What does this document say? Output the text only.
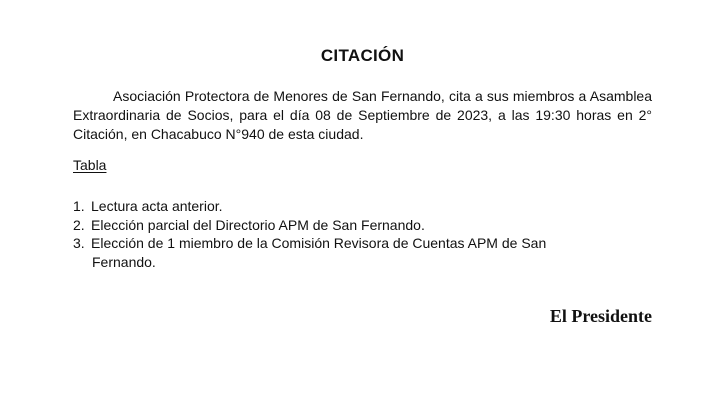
CITACIÓN

Asociación Protectora de Menores de San Fernando, cita a sus miembros a Asamblea Extraordinaria de Socios, para el día 08 de Septiembre de 2023, a las 19:30 horas en 2° Citación, en Chacabuco N°940 de esta ciudad.

Tabla
1. Lectura acta anterior.
2. Elección parcial del Directorio APM de San Fernando.
3. Elección de 1 miembro de la Comisión Revisora de Cuentas APM de San Fernando.
El Presidente
